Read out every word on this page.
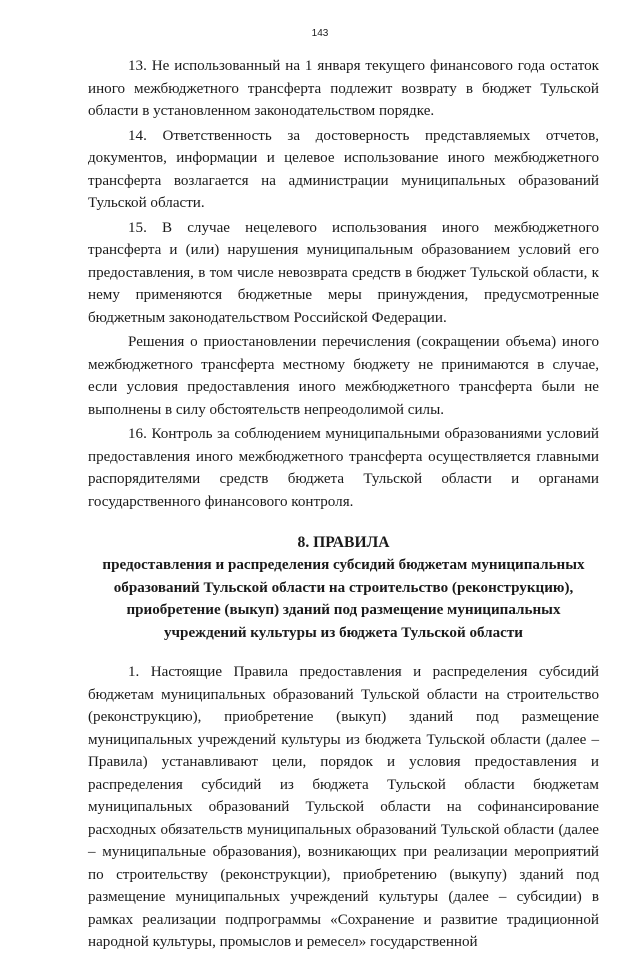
143

13. Не использованный на 1 января текущего финансового года остаток иного межбюджетного трансферта подлежит возврату в бюджет Тульской области в установленном законодательством порядке.

14. Ответственность за достоверность представляемых отчетов, документов, информации и целевое использование иного межбюджетного трансферта возлагается на администрации муниципальных образований Тульской области.

15. В случае нецелевого использования иного межбюджетного трансферта и (или) нарушения муниципальным образованием условий его предоставления, в том числе невозврата средств в бюджет Тульской области, к нему применяются бюджетные меры принуждения, предусмотренные бюджетным законодательством Российской Федерации.

Решения о приостановлении перечисления (сокращении объема) иного межбюджетного трансферта местному бюджету не принимаются в случае, если условия предоставления иного межбюджетного трансферта были не выполнены в силу обстоятельств непреодолимой силы.

16. Контроль за соблюдением муниципальными образованиями условий предоставления иного межбюджетного трансферта осуществляется главными распорядителями средств бюджета Тульской области и органами государственного финансового контроля.

8. ПРАВИЛА

предоставления и распределения субсидий бюджетам муниципальных образований Тульской области на строительство (реконструкцию), приобретение (выкуп) зданий под размещение муниципальных учреждений культуры из бюджета Тульской области

1. Настоящие Правила предоставления и распределения субсидий бюджетам муниципальных образований Тульской области на строительство (реконструкцию), приобретение (выкуп) зданий под размещение муниципальных учреждений культуры из бюджета Тульской области (далее – Правила) устанавливают цели, порядок и условия предоставления и распределения субсидий из бюджета Тульской области бюджетам муниципальных образований Тульской области на софинансирование расходных обязательств муниципальных образований Тульской области (далее – муниципальные образования), возникающих при реализации мероприятий по строительству (реконструкции), приобретению (выкупу) зданий под размещение муниципальных учреждений культуры (далее – субсидии) в рамках реализации подпрограммы «Сохранение и развитие традиционной народной культуры, промыслов и ремесел» государственной
